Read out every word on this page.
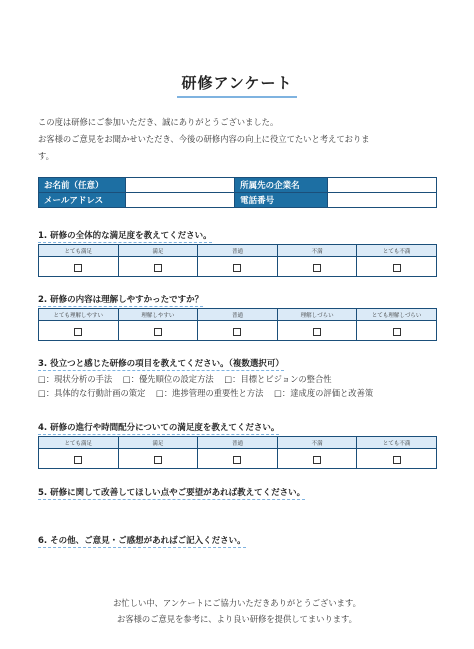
研修アンケート
この度は研修にご参加いただき、誠にありがとうございました。
お客様のご意見をお聞かせいただき、今後の研修内容の向上に役立てたいと考えておりま
す。
お名前（任意）		所属先の企業名	
メールアドレス		電話番号	
1. 研修の全体的な満足度を教えてください。
とても満足	満足	普通	不満	とても不満

2. 研修の内容は理解しやすかったですか？
とても理解しやすい	理解しやすい	普通	理解しづらい	とても理解しづらい

3. 役立つと感じた研修の項目を教えてください。（複数選択可）
□：現状分析の手法 □：優先順位の設定方法 □：目標とビジョンの整合性
□：具体的な行動計画の策定 □：進捗管理の重要性と方法 □：達成度の評価と改善策
4. 研修の進行や時間配分についての満足度を教えてください。
とても満足	満足	普通	不満	とても不満

5. 研修に関して改善してほしい点やご要望があれば教えてください。
6. その他、ご意見・ご感想があればご記入ください。
お忙しい中、アンケートにご協力いただきありがとうございます。
お客様のご意見を参考に、より良い研修を提供してまいります。
